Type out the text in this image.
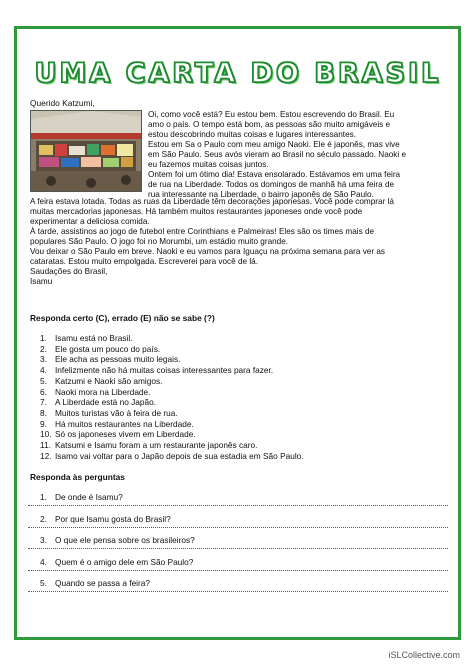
UMA CARTA DO BRASIL
Querido Katzumi,

Oi, como você está? Eu estou bem. Estou escrevendo do Brasil. Eu

amo o país. O tempo está bom, as pessoas são muito amigáveis e

estou descobrindo muitas coisas e lugares interessantes.

Estou em Sa o Paulo com meu amigo Naoki. Ele é japonês, mas vive

em São Paulo. Seus avós vieram ao Brasil no século passado. Naoki e

eu fazemos muitas coisas juntos.

Ontem foi um ótimo dia! Estava ensolarado. Estávamos em uma feira

de rua na Liberdade. Todos os domingos de manhã há uma feira de

rua interessante na Liberdade, o bairro japonês de São Paulo.

A feira estava lotada. Todas as ruas da Liberdade têm decorações japonesas. Você pode comprar lá

muitas mercadorias japonesas. Há também muitos restaurantes japoneses onde você pode

experimentar a deliciosa comida.

À tarde, assistinos ao jogo de futebol entre Corinthians e Palmeiras! Eles são os times mais de

populares São Paulo. O jogo foi no Morumbi, um estádio muito grande.

Vou deixar o São Paulo em breve. Naoki e eu vamos para Iguaçu na próxima semana para ver as

cataratas. Estou muito empolgada. Escreverei para você de lá.

Saudações do Brasil,

Isamu

Responda certo (C), errado (E) não se sabe (?)
1. Isamu está no Brasil.
2. Ele gosta um pouco do país.
3. Ele acha as pessoas muito legais.
4. Infelizmente não há muitas coisas interessantes para fazer.
5. Katzumi e Naoki são amigos.
6. Naoki mora na Liberdade.
7. A Liberdade está no Japão.
8. Muitos turistas vão à feira de rua.
9. Há muitos restaurantes na Liberdade.
10. Só os japoneses vivem em Liberdade.
11. Katsumi e Isamu foram a um restaurante japonês caro.
12. Isamo vai voltar para o Japão depois de sua estadia em São Paulo.
Responda às perguntas
1. De onde é Isamu?
2. Por que Isamu gosta do Brasil?
3. O que ele pensa sobre os brasileiros?
4. Quem é o amigo dele em São Paulo?
5. Quando se passa a feira?
iSLCollective.com
